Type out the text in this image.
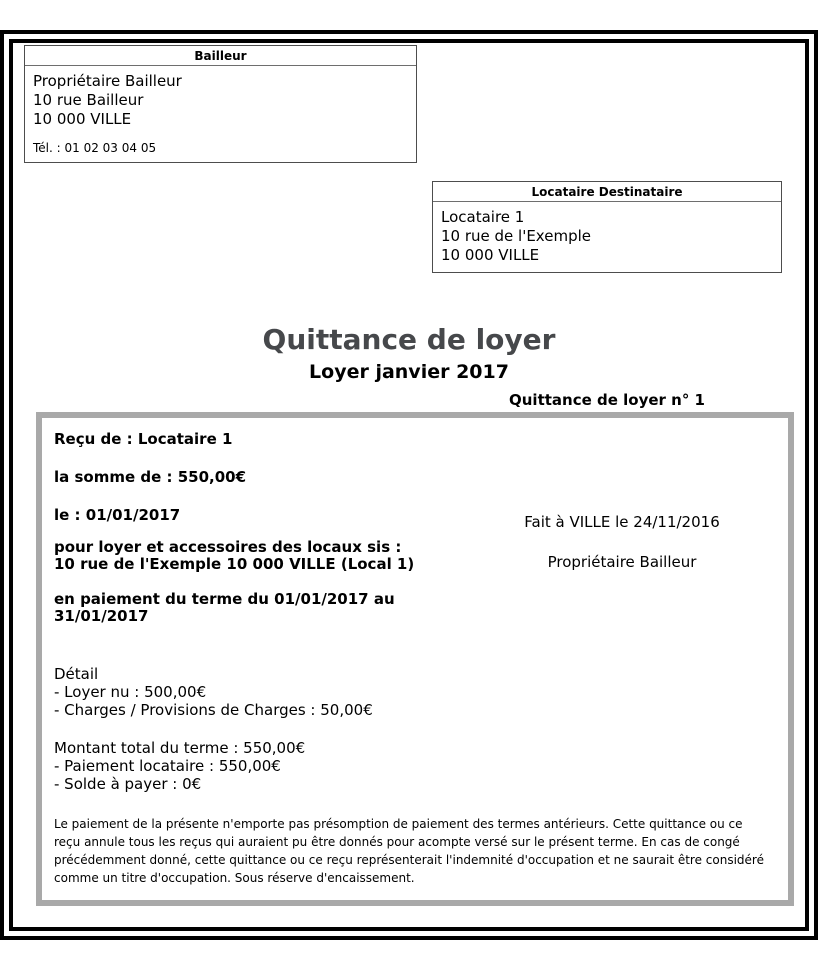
Bailleur
Propriétaire Bailleur
10 rue Bailleur
10 000 VILLE
Tél. : 01 02 03 04 05
Locataire Destinataire
Locataire 1
10 rue de l'Exemple
10 000 VILLE
Quittance de loyer
Loyer janvier 2017
Quittance de loyer n° 1
Reçu de : Locataire 1
la somme de : 550,00€
le : 01/01/2017
pour loyer et accessoires des locaux sis :
10 rue de l'Exemple 10 000 VILLE (Local 1)
en paiement du terme du 01/01/2017 au
31/01/2017
Détail
- Loyer nu : 500,00€
- Charges / Provisions de Charges : 50,00€
Montant total du terme : 550,00€
- Paiement locataire : 550,00€
- Solde à payer : 0€
Fait à VILLE le 24/11/2016
Propriétaire Bailleur
Le paiement de la présente n'emporte pas présomption de paiement des termes antérieurs. Cette quittance ou ce reçu annule tous les reçus qui auraient pu être donnés pour acompte versé sur le présent terme. En cas de congé précédemment donné, cette quittance ou ce reçu représenterait l'indemnité d'occupation et ne saurait être considéré comme un titre d'occupation. Sous réserve d'encaissement.
